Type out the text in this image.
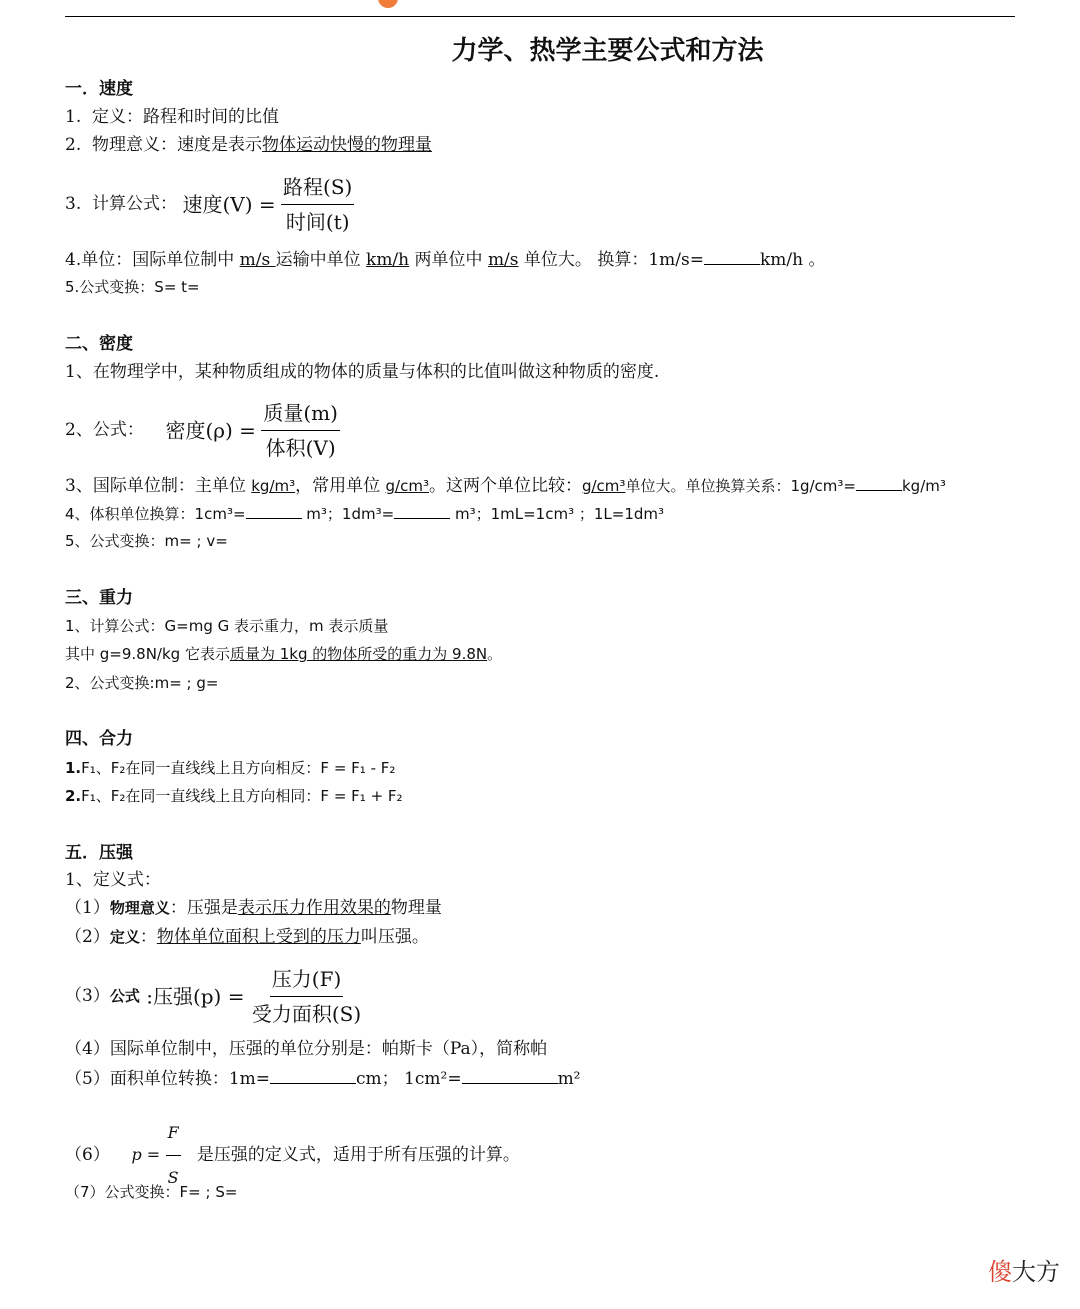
力学、热学主要公式和方法
一．速度
1. 定义：路程和时间的比值
2. 物理意义：速度是表示物体运动快慢的物理量
3. 计算公式： 速度$(V) = \frac{\text{路程(S)}}{\text{时间(t)}}$
4.单位：国际单位制中 m/s 运输中单位 km/h 两单位中 m/s 单位大。 换算：1m/s=	km/h 。
5.公式变换：S= t=
二、密度
1、在物理学中，某种物质组成的物体的质量与体积的比值叫做这种物质的密度.
2、公式： 密度$(\rho) = \frac{\text{质量(m)}}{\text{体积(V)}}$
3、国际单位制：主单位 kg/m³，常用单位 g/cm³。这两个单位比较：g/cm³单位大。单位换算关系：1g/cm³=	kg/m³
4、体积单位换算：1cm³=	m³；1dm³=	m³；1mL=1cm³ ；1L=1dm³
5、公式变换：m= ; v=
三、重力
1、计算公式：G=mg G 表示重力，m 表示质量
其中 g=9.8N/kg 它表示质量为 1kg 的物体所受的重力为 9.8N。
2、公式变换:m= ; g=
四、合力
1.F₁、F₂在同一直线线上且方向相反：F = F₁ - F₂
2.F₁、F₂在同一直线线上且方向相同：F = F₁ + F₂
五．压强
1、定义式：
（1）物理意义：压强是表示压力作用效果的物理量
（2）定义：物体单位面积上受到的压力叫压强。
（3）公式 :压强$(p) = \frac{\text{压力(F)}}{\text{受力面积(S)}}$
（4）国际单位制中，压强的单位分别是：帕斯卡（Pa），简称帕
（5）面积单位转换：1m=	cm； 1cm²=	m²
（6） $p = \frac{F}{S}$ 是压强的定义式，适用于所有压强的计算。
（7）公式变换：F= ; S=
傻大方
